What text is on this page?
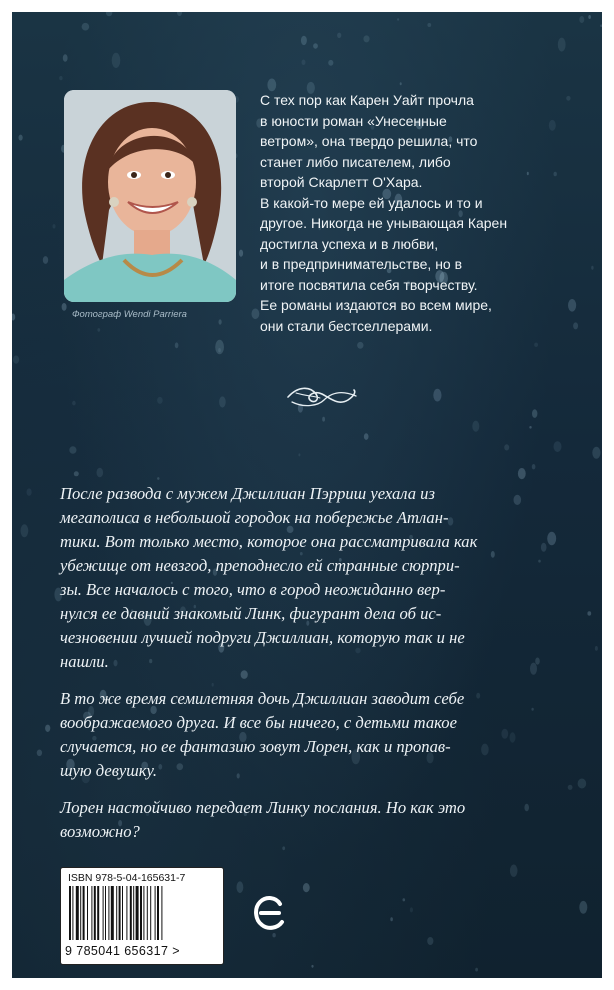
Фотограф Wendi Parriera
С тех пор как Карен Уайт прочла
в юности роман «Унесенные
ветром», она твердо решила, что
станет либо писателем, либо
второй Скарлетт О'Хара.
В какой-то мере ей удалось и то и
другое. Никогда не унывающая Карен
достигла успеха и в любви,
и в предпринимательстве, но в
итоге посвятила себя творчеству.
Ее романы издаются во всем мире,
они стали бестселлерами.
После развода с мужем Джиллиан Пэрриш уехала из
мегаполиса в небольшой городок на побережье Атлан-
тики. Вот только место, которое она рассматривала как
убежище от невзгод, преподнесло ей странные сюрпри-
зы. Все началось с того, что в город неожиданно вер-
нулся ее давний знакомый Линк, фигурант дела об ис-
чезновении лучшей подруги Джиллиан, которую так и не
нашли.
В то же время семилетняя дочь Джиллиан заводит себе
воображаемого друга. И все бы ничего, с детьми такое
случается, но ее фантазию зовут Лорен, как и пропав-
шую девушку.
Лорен настойчиво передает Линку послания. Но как это
возможно?
ISBN 978-5-04-165631-7
9 785041 656317 >
